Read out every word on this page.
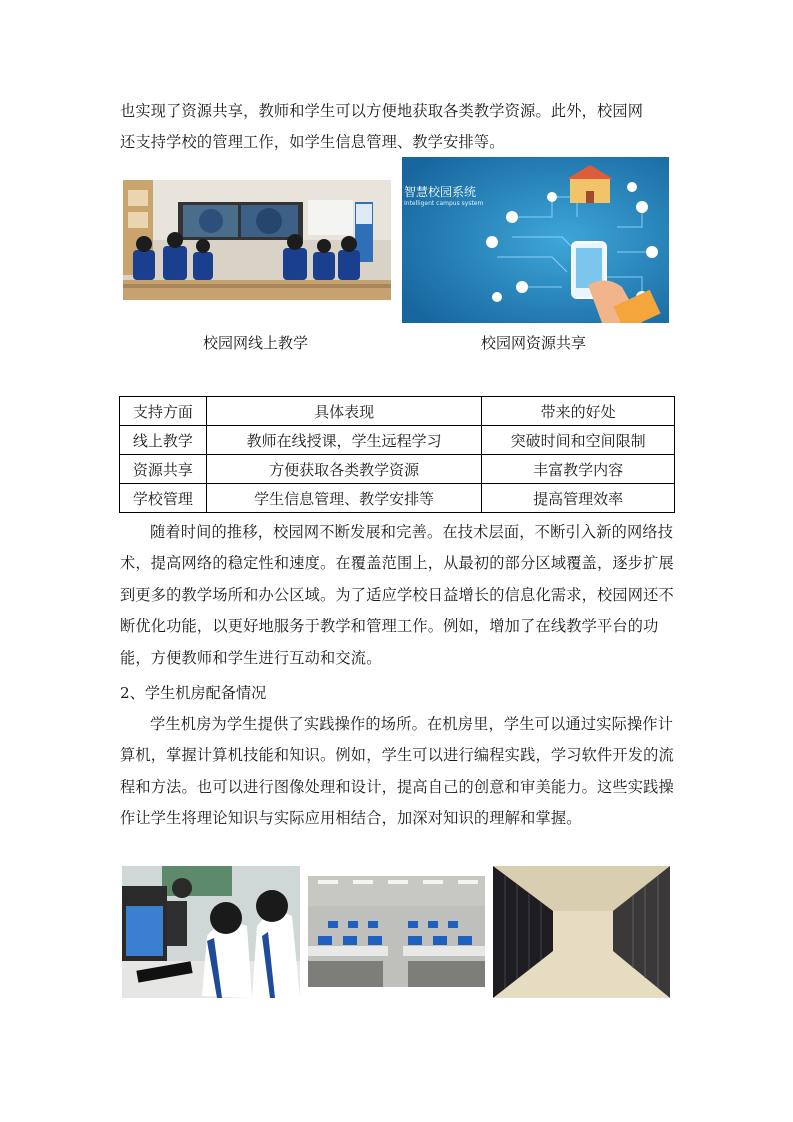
也实现了资源共享，教师和学生可以方便地获取各类教学资源。此外，校园网

还支持学校的管理工作，如学生信息管理、教学安排等。

智慧校园系统
Intelligent campus system
校园网线上教学	校园网资源共享
支持方面	具体表现	带来的好处
线上教学	教师在线授课，学生远程学习	突破时间和空间限制
资源共享	方便获取各类教学资源	丰富教学内容
学校管理	学生信息管理、教学安排等	提高管理效率

随着时间的推移，校园网不断发展和完善。在技术层面，不断引入新的网络技术，提高网络的稳定性和速度。在覆盖范围上，从最初的部分区域覆盖，逐步扩展到更多的教学场所和办公区域。为了适应学校日益增长的信息化需求，校园网还不断优化功能，以更好地服务于教学和管理工作。例如，增加了在线教学平台的功能，方便教师和学生进行互动和交流。

2、学生机房配备情况

学生机房为学生提供了实践操作的场所。在机房里，学生可以通过实际操作计算机，掌握计算机技能和知识。例如，学生可以进行编程实践，学习软件开发的流程和方法。也可以进行图像处理和设计，提高自己的创意和审美能力。这些实践操作让学生将理论知识与实际应用相结合，加深对知识的理解和掌握。
